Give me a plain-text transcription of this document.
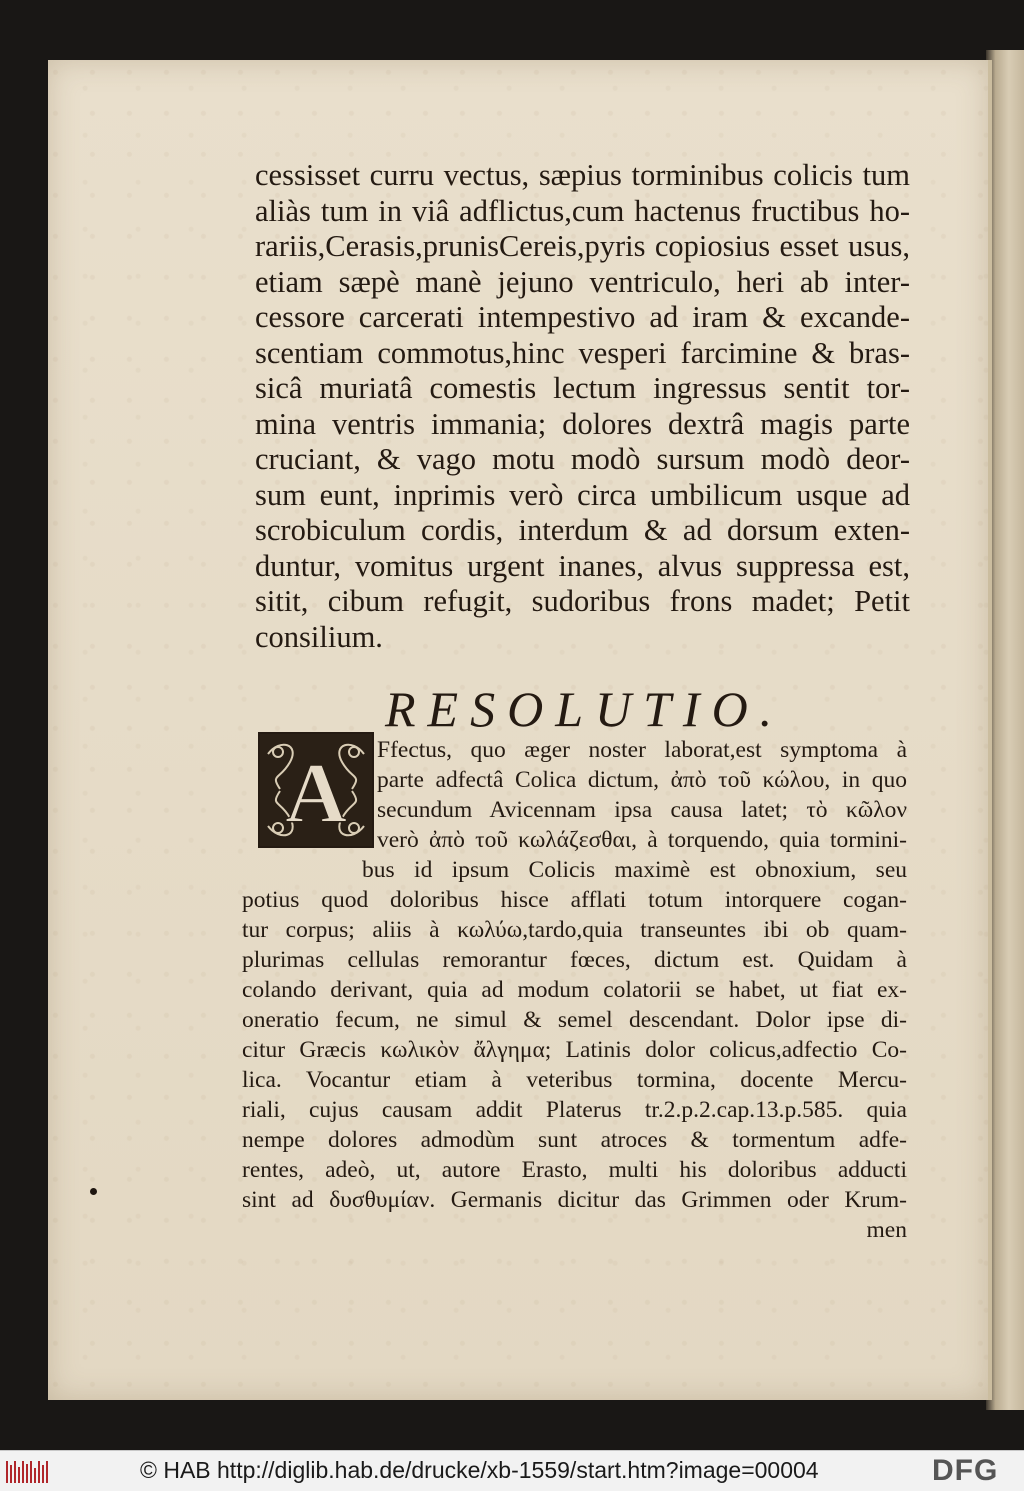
cessisset curru vectus, sæpius torminibus colicis tum
aliàs tum in viâ adflictus,cum hactenus fructibus ho-
rariis,Cerasis,prunisCereis,pyris copiosius esset usus,
etiam sæpè manè jejuno ventriculo, heri ab inter-
cessore carcerati intempestivo ad iram & excande-
scentiam commotus,hinc vesperi farcimine & bras-
sicâ muriatâ comestis lectum ingressus sentit tor-
mina ventris immania; dolores dextrâ magis parte
cruciant, & vago motu modò sursum modò deor-
sum eunt, inprimis verò circa umbilicum usque ad
scrobiculum cordis, interdum & ad dorsum exten-
duntur, vomitus urgent inanes, alvus suppressa est,
sitit, cibum refugit, sudoribus frons madet; Petit
consilium.
RESOLUTIO.
A Ffectus, quo æger noster laborat,est symptoma à
parte adfectâ Colica dictum, ἀπὸ τοῦ κώλου, in quo
secundum Avicennam ipsa causa latet; τὸ κῶλον
verò ἀπὸ τοῦ κωλάζεσθαι, à torquendo, quia tormini-
bus id ipsum Colicis maximè est obnoxium, seu
potius quod doloribus hisce afflati totum intorquere cogan-
tur corpus; aliis à κωλύω,tardo,quia transeuntes ibi ob quam-
plurimas cellulas remorantur fœces, dictum est. Quidam à
colando derivant, quia ad modum colatorii se habet, ut fiat ex-
oneratio fecum, ne simul & semel descendant. Dolor ipse di-
citur Græcis κωλικὸν ἄλγημα; Latinis dolor colicus,adfectio Co-
lica. Vocantur etiam à veteribus tormina, docente Mercu-
riali, cujus causam addit Platerus tr.2.p.2.cap.13.p.585. quia
nempe dolores admodùm sunt atroces & tormentum adfe-
rentes, adeò, ut, autore Erasto, multi his doloribus adducti
sint ad δυσθυμίαν. Germanis dicitur das Grimmen oder Krum-
men
© HAB http://diglib.hab.de/drucke/xb-1559/start.htm?image=00004	DFG
